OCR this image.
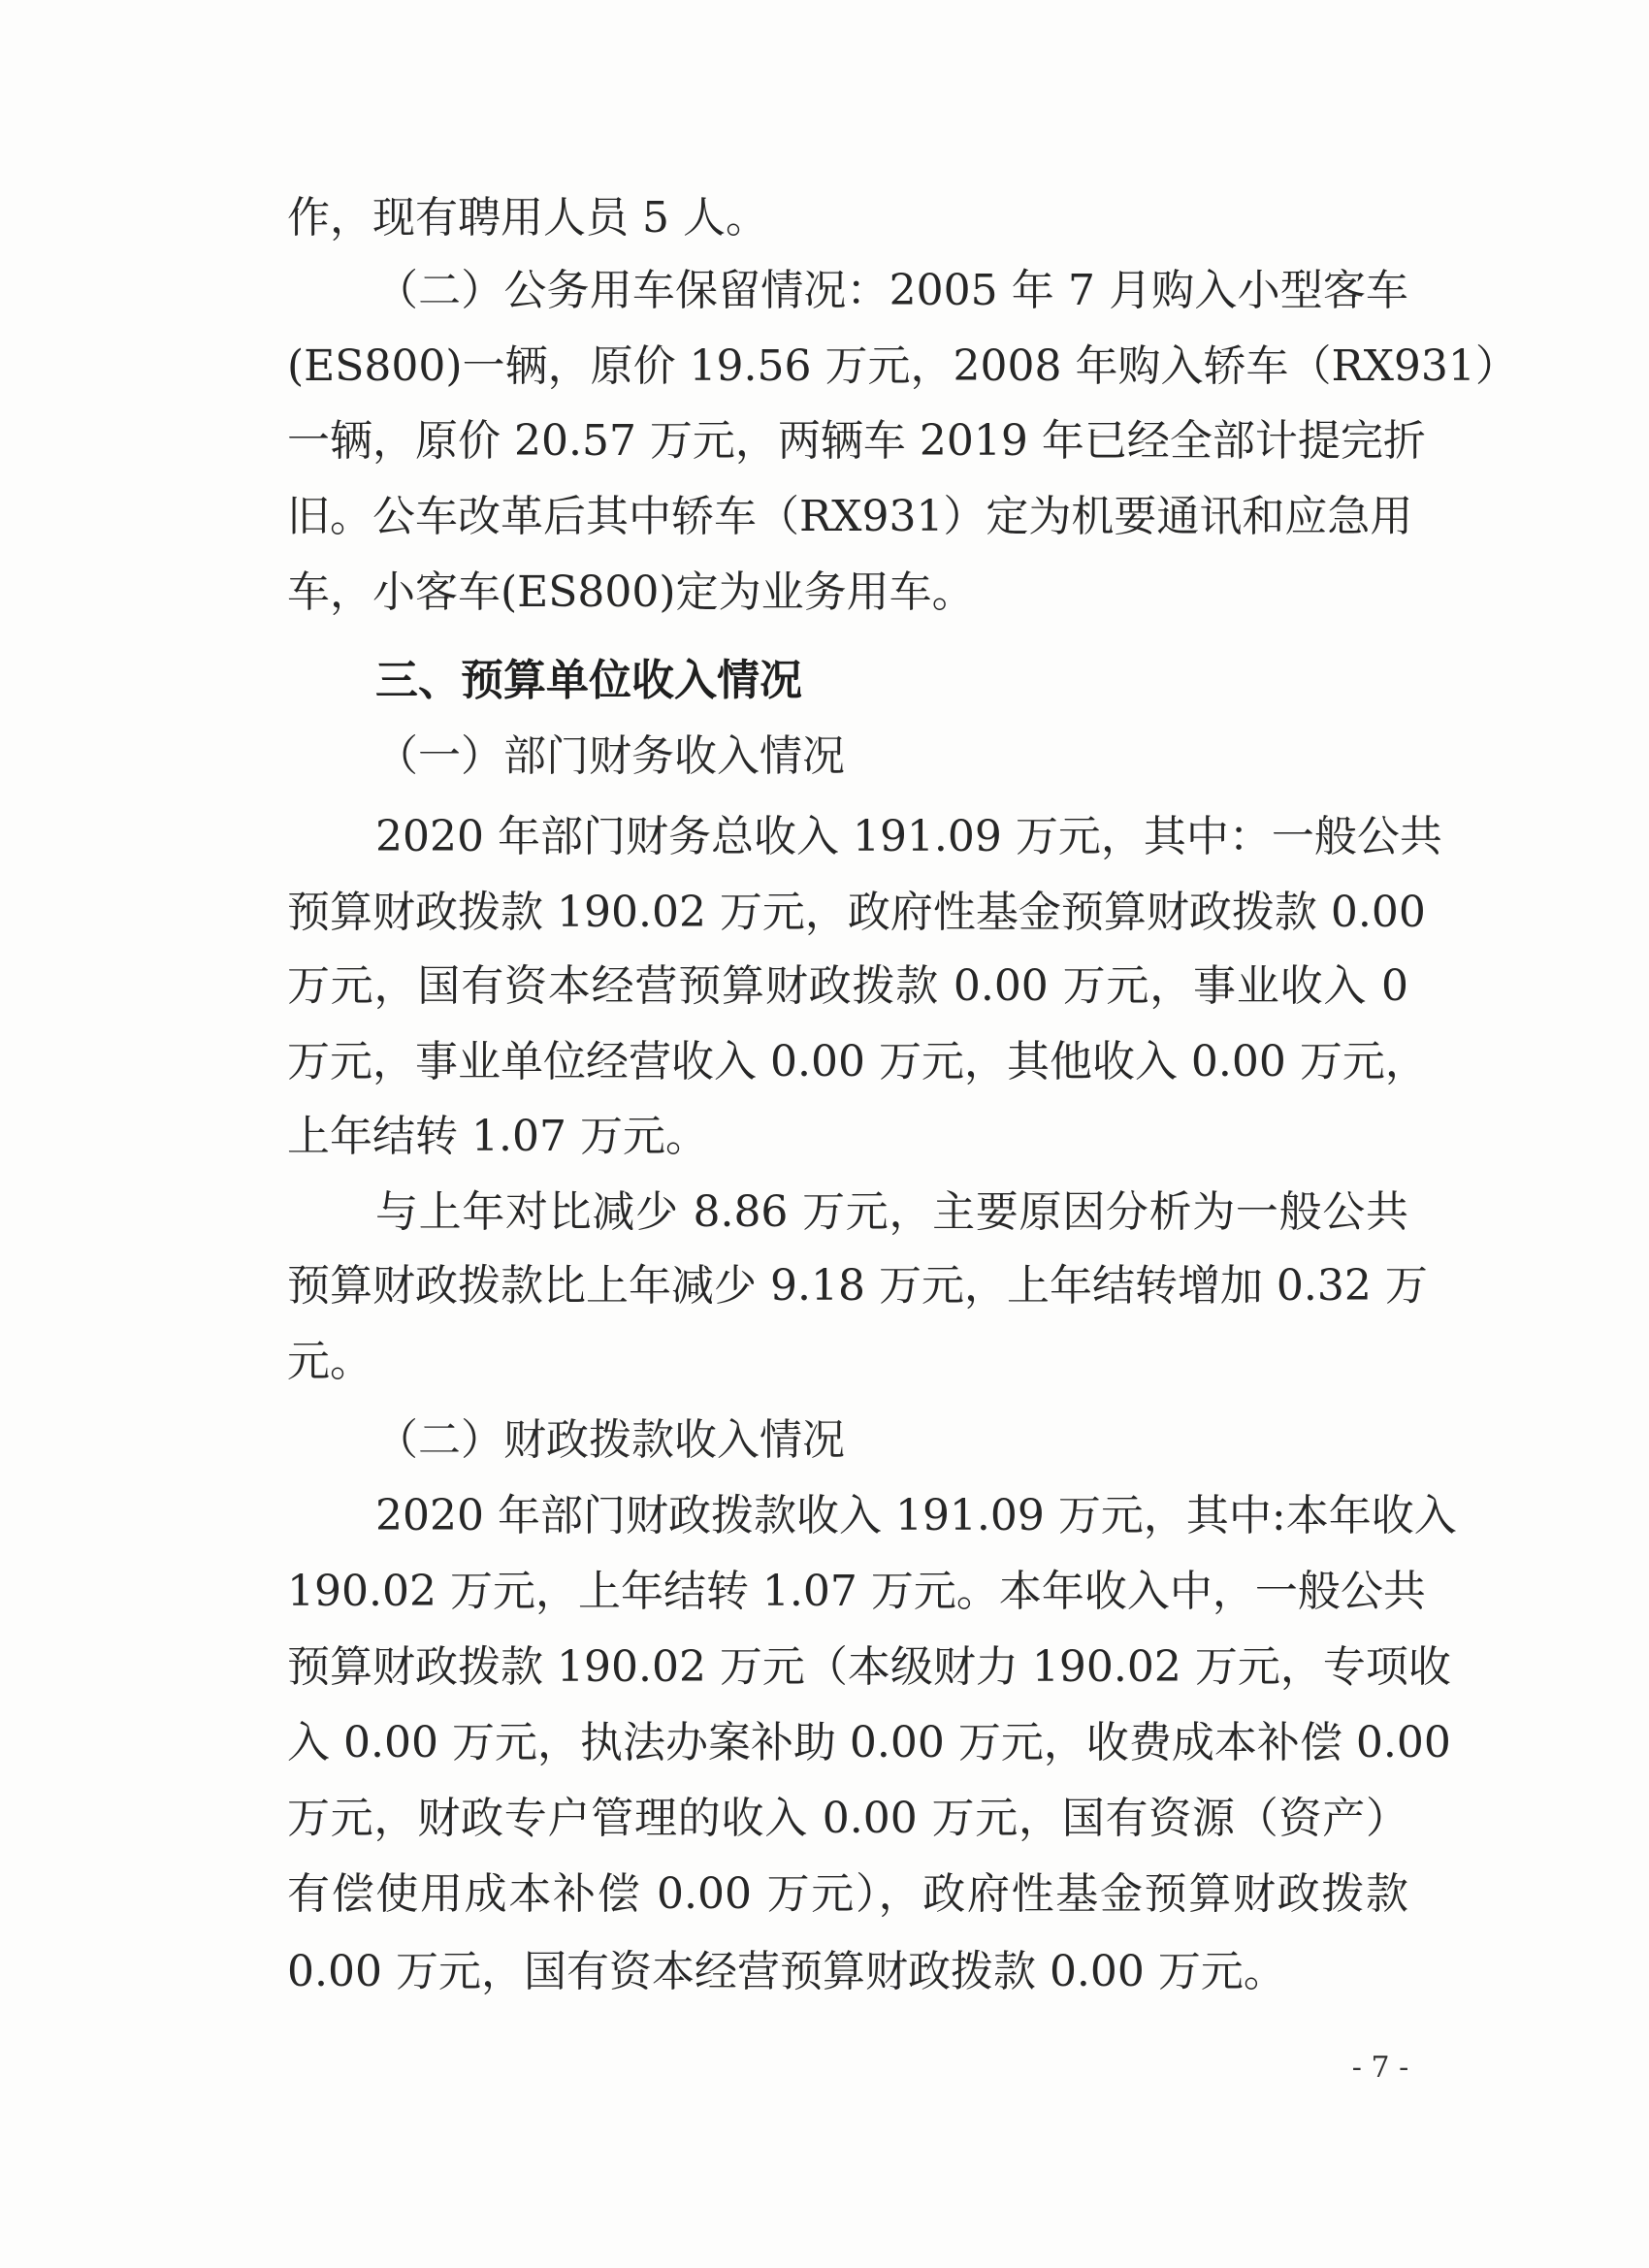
作，现有聘用人员 5 人。
（二）公务用车保留情况：2005 年 7 月购入小型客车
(ES800)一辆，原价 19.56 万元，2008 年购入轿车（RX931）
一辆，原价 20.57 万元，两辆车 2019 年已经全部计提完折
旧。公车改革后其中轿车（RX931）定为机要通讯和应急用
车，小客车(ES800)定为业务用车。
三、预算单位收入情况
（一）部门财务收入情况
2020 年部门财务总收入 191.09 万元，其中：一般公共
预算财政拨款 190.02 万元，政府性基金预算财政拨款 0.00
万元，国有资本经营预算财政拨款 0.00 万元，事业收入 0
万元，事业单位经营收入 0.00 万元，其他收入 0.00 万元，
上年结转 1.07 万元。
与上年对比减少 8.86 万元，主要原因分析为一般公共
预算财政拨款比上年减少 9.18 万元，上年结转增加 0.32 万
元。
（二）财政拨款收入情况
2020 年部门财政拨款收入 191.09 万元，其中:本年收入
190.02 万元，上年结转 1.07 万元。本年收入中，一般公共
预算财政拨款 190.02 万元（本级财力 190.02 万元，专项收
入 0.00 万元，执法办案补助 0.00 万元，收费成本补偿 0.00
万元，财政专户管理的收入 0.00 万元，国有资源（资产）
有偿使用成本补偿 0.00 万元），政府性基金预算财政拨款
0.00 万元，国有资本经营预算财政拨款 0.00 万元。
- 7 -
